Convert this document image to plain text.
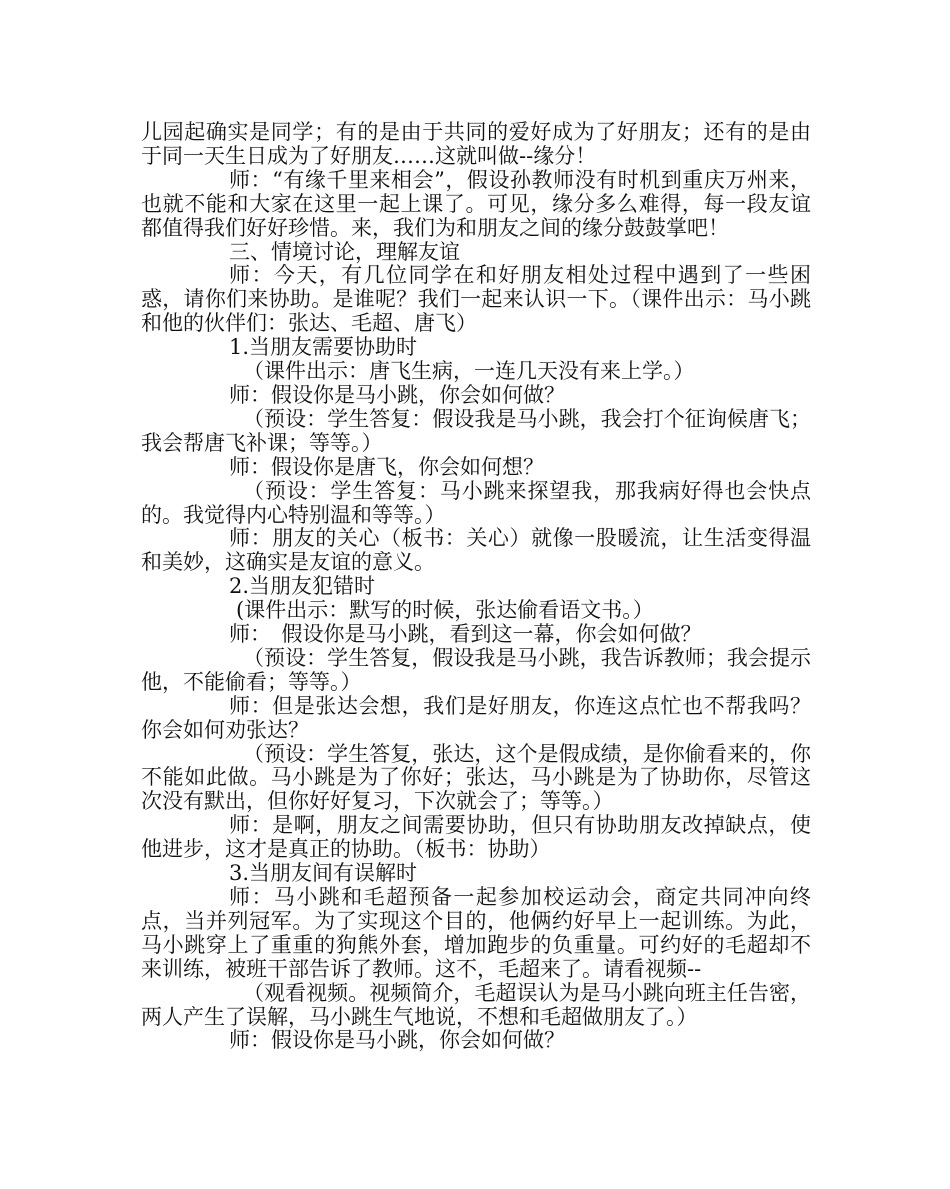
儿园起确实是同学；有的是由于共同的爱好成为了好朋友；还有的是由于同一天生日成为了好朋友……这就叫做--缘分！

师：“有缘千里来相会”，假设孙教师没有时机到重庆万州来，也就不能和大家在这里一起上课了。可见，缘分多么难得，每一段友谊都值得我们好好珍惜。来，我们为和朋友之间的缘分鼓鼓掌吧！

三、情境讨论，理解友谊

师：今天，有几位同学在和好朋友相处过程中遇到了一些困惑，请你们来协助。是谁呢？我们一起来认识一下。（课件出示：马小跳和他的伙伴们：张达、毛超、唐飞）

1.当朋友需要协助时

（课件出示：唐飞生病，一连几天没有来上学。）

师：假设你是马小跳，你会如何做？

（预设：学生答复：假设我是马小跳，我会打个征询候唐飞；我会帮唐飞补课；等等。）

师：假设你是唐飞，你会如何想？

（预设：学生答复：马小跳来探望我，那我病好得也会快点的。我觉得内心特别温和等等。）

师：朋友的关心（板书：关心）就像一股暖流，让生活变得温和美妙，这确实是友谊的意义。

2.当朋友犯错时

(课件出示：默写的时候，张达偷看语文书。）

师：　假设你是马小跳，看到这一幕，你会如何做？

（预设：学生答复，假设我是马小跳，我告诉教师；我会提示他，不能偷看；等等。）

师：但是张达会想，我们是好朋友，你连这点忙也不帮我吗？你会如何劝张达？

（预设：学生答复，张达，这个是假成绩，是你偷看来的，你不能如此做。马小跳是为了你好；张达，马小跳是为了协助你，尽管这次没有默出，但你好好复习，下次就会了；等等。）

师：是啊，朋友之间需要协助，但只有协助朋友改掉缺点，使他进步，这才是真正的协助。（板书：协助）

3.当朋友间有误解时

师：马小跳和毛超预备一起参加校运动会，商定共同冲向终点，当并列冠军。为了实现这个目的，他俩约好早上一起训练。为此，马小跳穿上了重重的狗熊外套，增加跑步的负重量。可约好的毛超却不来训练，被班干部告诉了教师。这不，毛超来了。请看视频--

（观看视频。视频简介，毛超误认为是马小跳向班主任告密，两人产生了误解，马小跳生气地说，不想和毛超做朋友了。）

师：假设你是马小跳，你会如何做？
